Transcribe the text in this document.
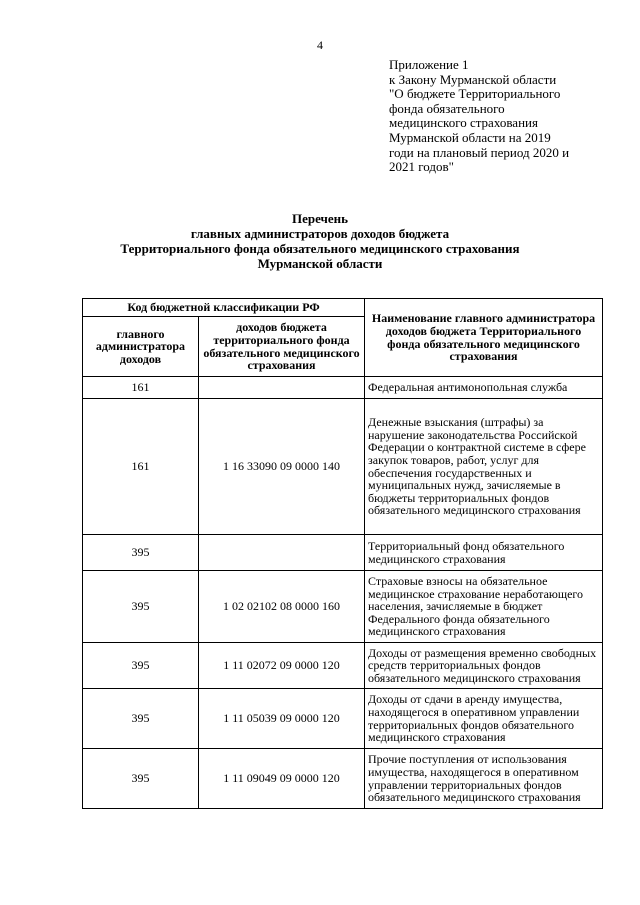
4
Приложение 1
к Закону Мурманской области
"О бюджете Территориального
фонда обязательного
медицинского страхования
Мурманской области на 2019
годи на плановый период 2020 и
2021 годов"
Перечень
главных администраторов доходов бюджета
Территориального фонда обязательного медицинского страхования
Мурманской области
Код бюджетной классификации РФ		Наименование главного администратора доходов бюджета Территориального фонда обязательного медицинского страхования
главного администратора доходов	доходов бюджета территориального фонда обязательного медицинского страхования	
161		Федеральная антимонопольная служба
161	1 16 33090 09 0000 140	Денежные взыскания (штрафы) за нарушение законодательства Российской Федерации о контрактной системе в сфере закупок товаров, работ, услуг для обеспечения государственных и муниципальных нужд, зачисляемые в бюджеты территориальных фондов обязательного медицинского страхования
395		Территориальный фонд обязательного медицинского страхования
395	1 02 02102 08 0000 160	Страховые взносы на обязательное медицинское страхование неработающего населения, зачисляемые в бюджет Федерального фонда обязательного медицинского страхования
395	1 11 02072 09 0000 120	Доходы от размещения временно свободных средств территориальных фондов обязательного медицинского страхования
395	1 11 05039 09 0000 120	Доходы от сдачи в аренду имущества, находящегося в оперативном управлении территориальных фондов обязательного медицинского страхования
395	1 11 09049 09 0000 120	Прочие поступления от использования имущества, находящегося в оперативном управлении территориальных фондов обязательного медицинского страхования
